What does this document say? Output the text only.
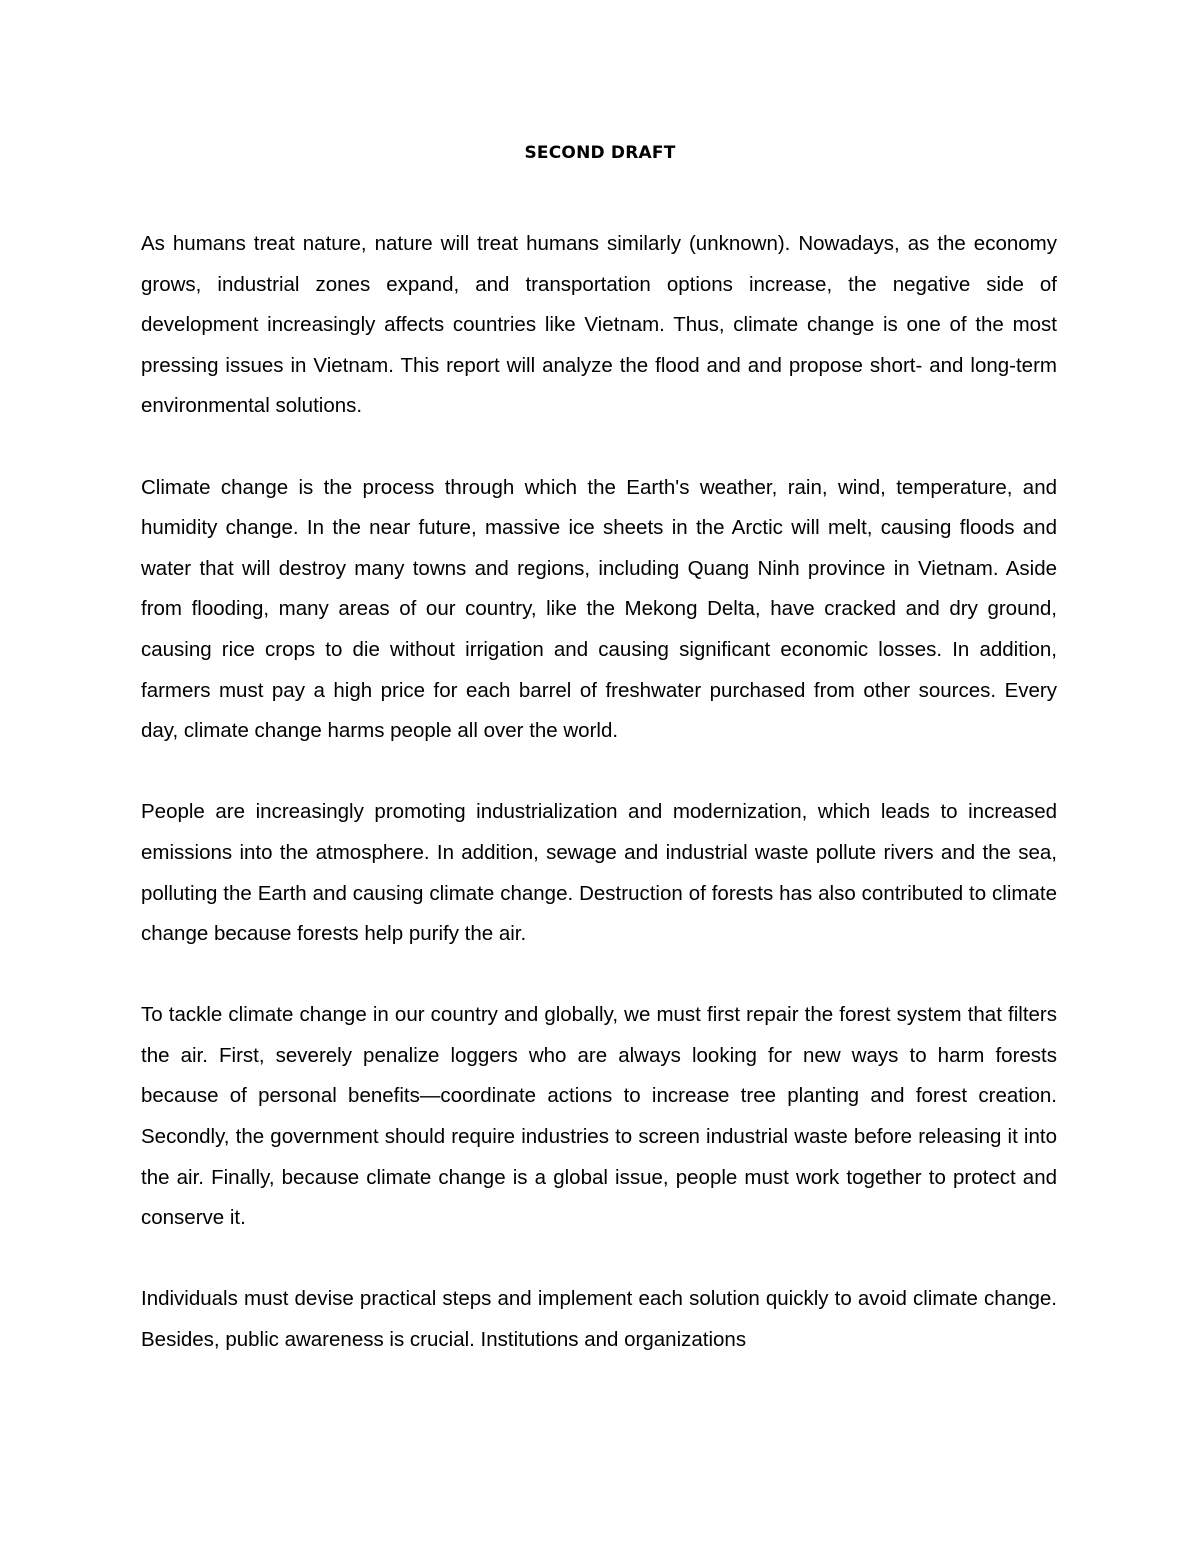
SECOND DRAFT

As humans treat nature, nature will treat humans similarly (unknown). Nowadays, as the economy grows, industrial zones expand, and transportation options increase, the negative side of development increasingly affects countries like Vietnam. Thus, climate change is one of the most pressing issues in Vietnam. This report will analyze the flood and and propose short- and long-term environmental solutions.

Climate change is the process through which the Earth's weather, rain, wind, temperature, and humidity change. In the near future, massive ice sheets in the Arctic will melt, causing floods and water that will destroy many towns and regions, including Quang Ninh province in Vietnam. Aside from flooding, many areas of our country, like the Mekong Delta, have cracked and dry ground, causing rice crops to die without irrigation and causing significant economic losses. In addition, farmers must pay a high price for each barrel of freshwater purchased from other sources. Every day, climate change harms people all over the world.

People are increasingly promoting industrialization and modernization, which leads to increased emissions into the atmosphere. In addition, sewage and industrial waste pollute rivers and the sea, polluting the Earth and causing climate change. Destruction of forests has also contributed to climate change because forests help purify the air.

To tackle climate change in our country and globally, we must first repair the forest system that filters the air. First, severely penalize loggers who are always looking for new ways to harm forests because of personal benefits—coordinate actions to increase tree planting and forest creation. Secondly, the government should require industries to screen industrial waste before releasing it into the air. Finally, because climate change is a global issue, people must work together to protect and conserve it.

Individuals must devise practical steps and implement each solution quickly to avoid climate change. Besides, public awareness is crucial. Institutions and organizations
